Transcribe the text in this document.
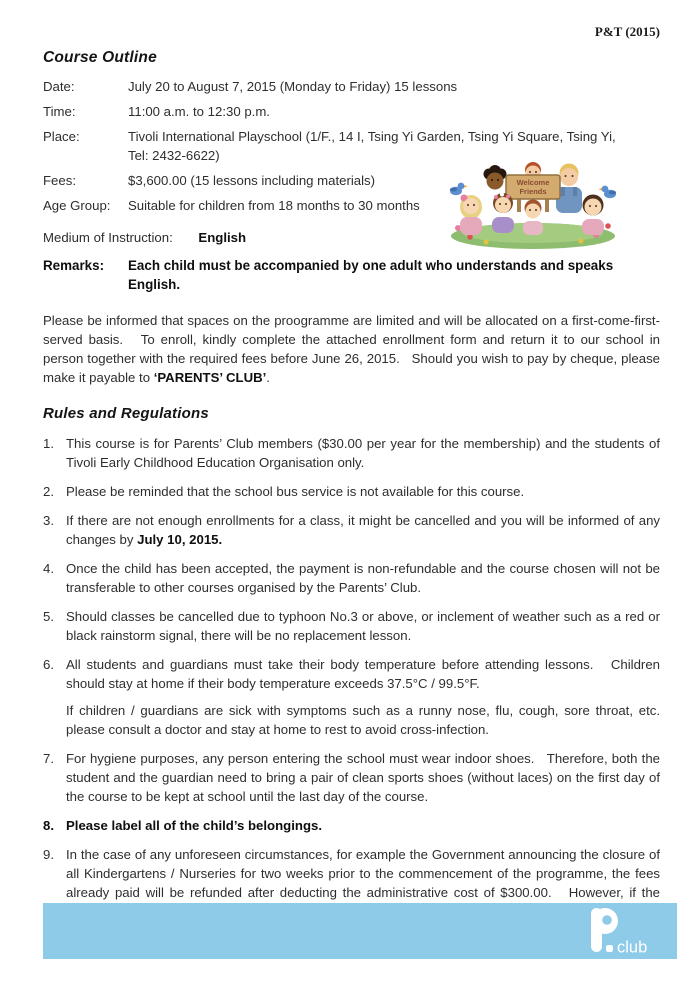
P&T (2015)
Course Outline
Date:	July 20 to August 7, 2015 (Monday to Friday) 15 lessons
Time:	11:00 a.m. to 12:30 p.m.
Place:	Tivoli International Playschool (1/F., 14 I, Tsing Yi Garden, Tsing Yi Square, Tsing Yi,
Tel: 2432-6622)
Fees:	$3,600.00 (15 lessons including materials)
Age Group:	Suitable for children from 18 months to 30 months
Medium of Instruction: English
Remarks:	Each child must be accompanied by one adult who understands and speaks English.

Please be informed that spaces on the proogramme are limited and will be allocated on a first-come-first-served basis.   To enroll, kindly complete the attached enrollment form and return it to our school in person together with the required fees before June 26, 2015.   Should you wish to pay by cheque, please make it payable to ‘PARENTS’ CLUB’.

Rules and Regulations
1. This course is for Parents’ Club members ($30.00 per year for the membership) and the students of Tivoli Early Childhood Education Organisation only.

2. Please be reminded that the school bus service is not available for this course.

3. If there are not enough enrollments for a class, it might be cancelled and you will be informed of any changes by July 10, 2015.

4. Once the child has been accepted, the payment is non-refundable and the course chosen will not be transferable to other courses organised by the Parents’ Club.

5. Should classes be cancelled due to typhoon No.3 or above, or inclement of weather such as a red or black rainstorm signal, there will be no replacement lesson.

6. All students and guardians must take their body temperature before attending lessons.   Children should stay at home if their body temperature exceeds 37.5°C / 99.5°F.

If children / guardians are sick with symptoms such as a runny nose, flu, cough, sore throat, etc. please consult a doctor and stay at home to rest to avoid cross-infection.

7. For hygiene purposes, any person entering the school must wear indoor shoes.   Therefore, both the student and the guardian need to bring a pair of clean sports shoes (without laces) on the first day of the course to be kept at school until the last day of the course.

8. Please label all of the child’s belongings.

9. In the case of any unforeseen circumstances, for example the Government announcing the closure of all Kindergartens / Nurseries for two weeks prior to the commencement of the programme, the fees already paid will be refunded after deducting the administrative cost of $300.00.   However, if the

Welcome
Friends
club
